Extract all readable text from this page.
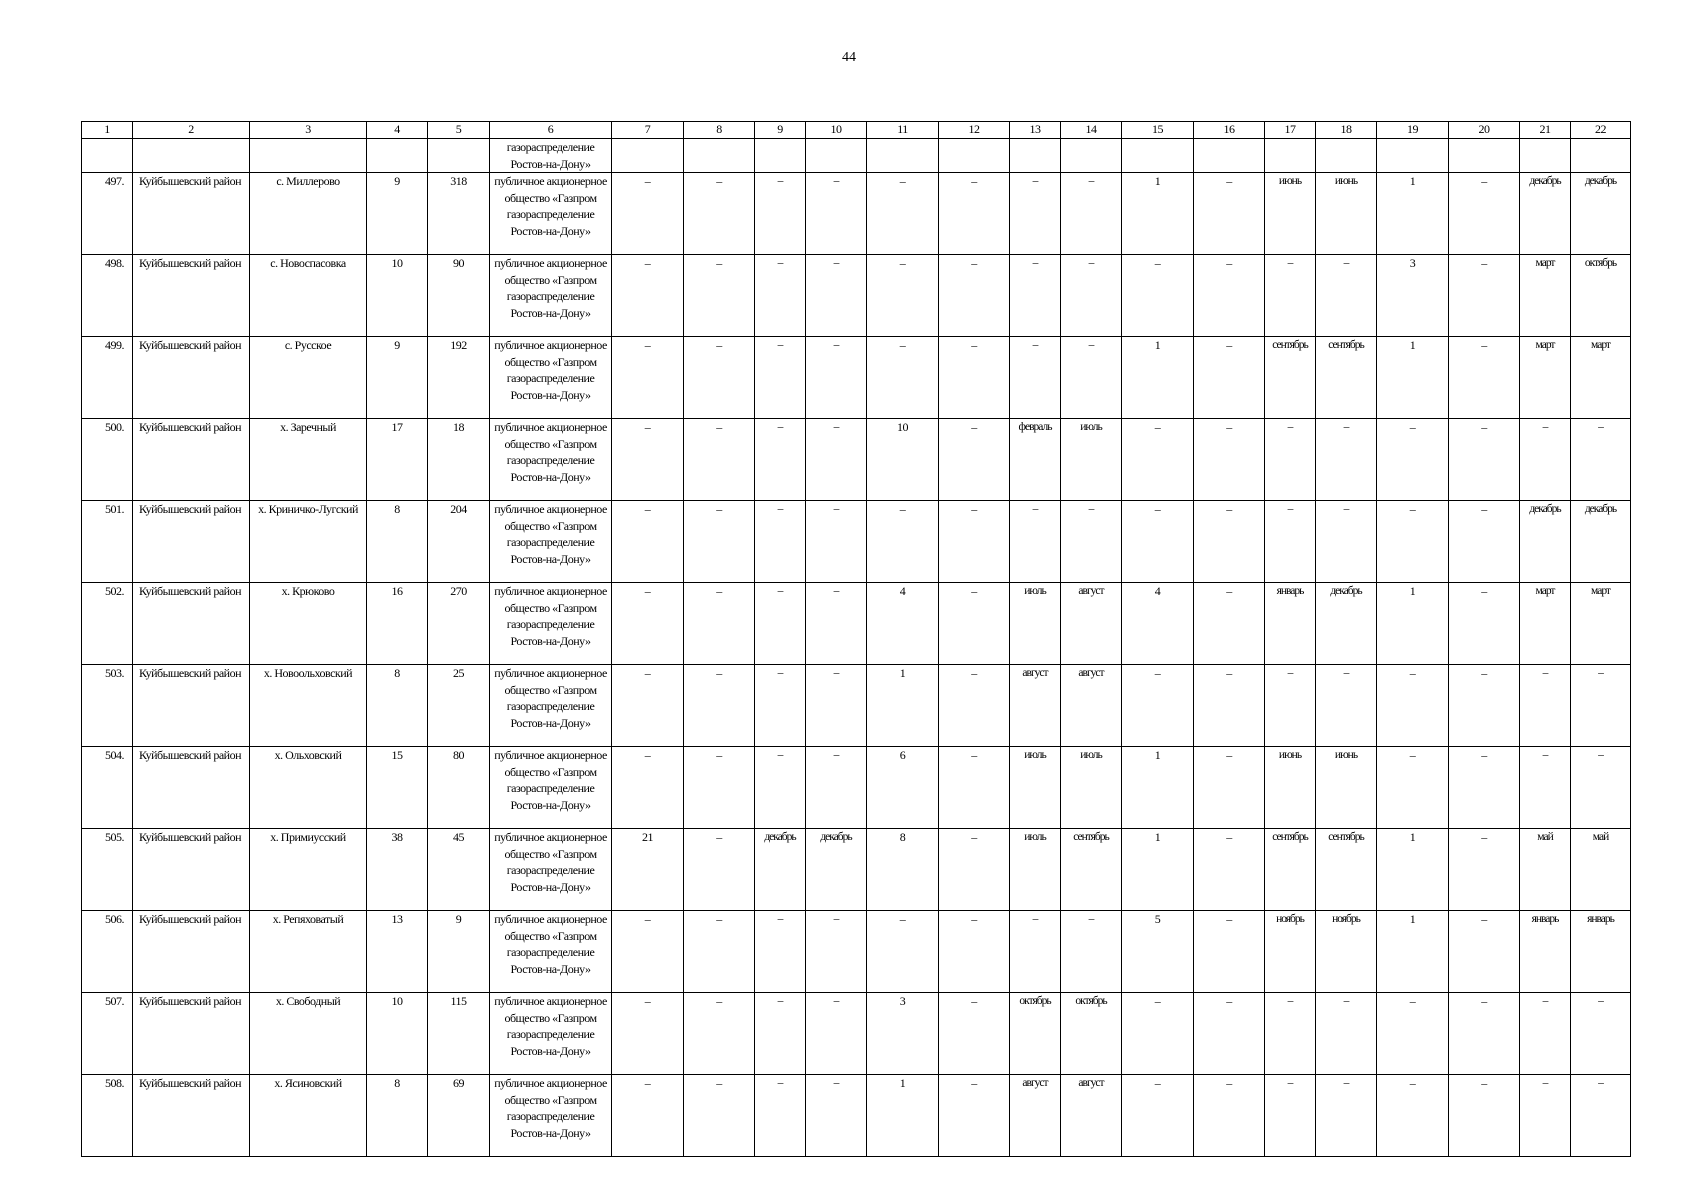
44
1	2	3	4	5	6	7	8	9	10	11	12	13	14	15	16	17	18	19	20	21	22
					газораспределение Ростов-на-Дону»																
497.	Куйбышевский район	с. Миллерово	9	318	публичное акционерное общество «Газпром газораспределение Ростов-на-Дону»	–	–	–	–	–	–	–	–	1	–	июнь	июнь	1	–	декабрь	декабрь
498.	Куйбышевский район	с. Новоспасовка	10	90	публичное акционерное общество «Газпром газораспределение Ростов-на-Дону»	–	–	–	–	–	–	–	–	–	–	–	–	3	–	март	октябрь
499.	Куйбышевский район	с. Русское	9	192	публичное акционерное общество «Газпром газораспределение Ростов-на-Дону»	–	–	–	–	–	–	–	–	1	–	сентябрь	сентябрь	1	–	март	март
500.	Куйбышевский район	х. Заречный	17	18	публичное акционерное общество «Газпром газораспределение Ростов-на-Дону»	–	–	–	–	10	–	февраль	июль	–	–	–	–	–	–	–	–
501.	Куйбышевский район	х. Криничко-Лугский	8	204	публичное акционерное общество «Газпром газораспределение Ростов-на-Дону»	–	–	–	–	–	–	–	–	–	–	–	–	–	–	декабрь	декабрь
502.	Куйбышевский район	х. Крюково	16	270	публичное акционерное общество «Газпром газораспределение Ростов-на-Дону»	–	–	–	–	4	–	июль	август	4	–	январь	декабрь	1	–	март	март
503.	Куйбышевский район	х. Новоольховский	8	25	публичное акционерное общество «Газпром газораспределение Ростов-на-Дону»	–	–	–	–	1	–	август	август	–	–	–	–	–	–	–	–
504.	Куйбышевский район	х. Ольховский	15	80	публичное акционерное общество «Газпром газораспределение Ростов-на-Дону»	–	–	–	–	6	–	июль	июль	1	–	июнь	июнь	–	–	–	–
505.	Куйбышевский район	х. Примиусский	38	45	публичное акционерное общество «Газпром газораспределение Ростов-на-Дону»	21	–	декабрь	декабрь	8	–	июль	сентябрь	1	–	сентябрь	сентябрь	1	–	май	май
506.	Куйбышевский район	х. Репяховатый	13	9	публичное акционерное общество «Газпром газораспределение Ростов-на-Дону»	–	–	–	–	–	–	–	–	5	–	ноябрь	ноябрь	1	–	январь	январь
507.	Куйбышевский район	х. Свободный	10	115	публичное акционерное общество «Газпром газораспределение Ростов-на-Дону»	–	–	–	–	3	–	октябрь	октябрь	–	–	–	–	–	–	–	–
508.	Куйбышевский район	х. Ясиновский	8	69	публичное акционерное общество «Газпром газораспределение Ростов-на-Дону»	–	–	–	–	1	–	август	август	–	–	–	–	–	–	–	–
